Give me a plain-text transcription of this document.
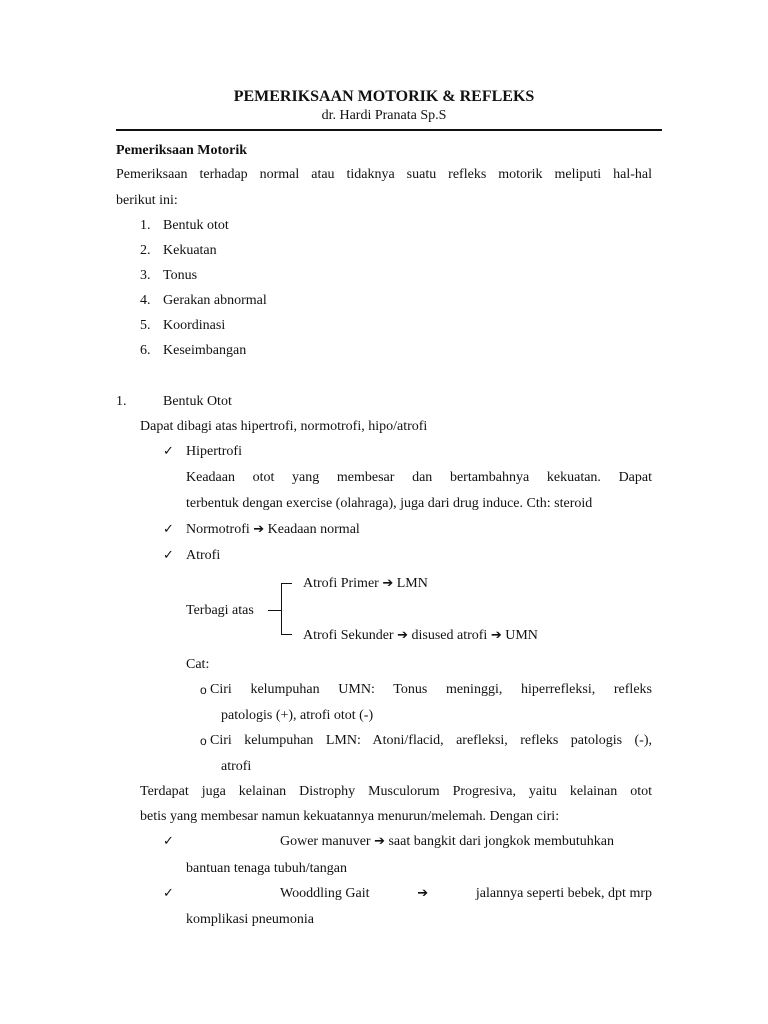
PEMERIKSAAN MOTORIK & REFLEKS
dr. Hardi Pranata Sp.S
Pemeriksaan Motorik
Pemeriksaan terhadap normal atau tidaknya suatu refleks motorik meliputi hal-hal
berikut ini:
1. Bentuk otot
2. Kekuatan
3. Tonus
4. Gerakan abnormal
5. Koordinasi
6. Keseimbangan
1.	Bentuk Otot
Dapat dibagi atas hipertrofi, normotrofi, hipo/atrofi
✓ Hipertrofi
Keadaan otot yang membesar dan bertambahnya kekuatan. Dapat
terbentuk dengan exercise (olahraga), juga dari drug induce. Cth: steroid
✓ Normotrofi ➔ Keadaan normal
✓ Atrofi
Terbagi atas
Atrofi Primer ➔ LMN
Atrofi Sekunder ➔ disused atrofi ➔ UMN
Cat:
o Ciri kelumpuhan UMN: Tonus meninggi, hiperrefleksi, refleks
patologis (+), atrofi otot (-)
o Ciri kelumpuhan LMN: Atoni/flacid, arefleksi, refleks patologis (-),
atrofi
Terdapat juga kelainan Distrophy Musculorum Progresiva, yaitu kelainan otot
betis yang membesar namun kekuatannya menurun/melemah. Dengan ciri:
✓	Gower manuver ➔ saat bangkit dari jongkok membutuhkan
bantuan tenaga tubuh/tangan
✓	Wooddling Gait	➔	jalannya seperti bebek, dpt mrp
komplikasi pneumonia
